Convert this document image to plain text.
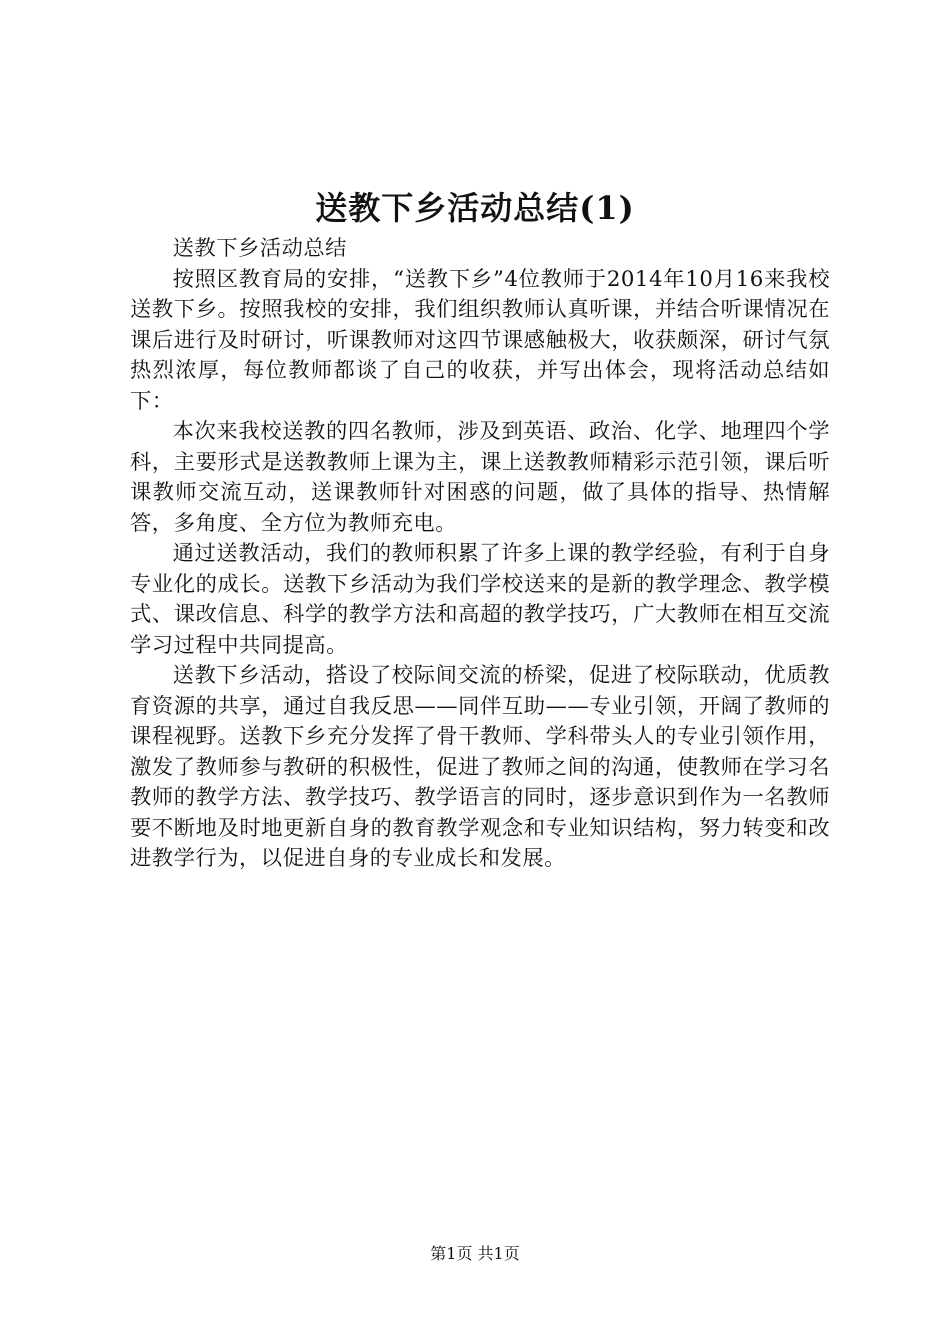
送教下乡活动总结(1)

送教下乡活动总结

按照区教育局的安排，“送教下乡”4位教师于2014年10月16来我校送教下乡。按照我校的安排，我们组织教师认真听课，并结合听课情况在课后进行及时研讨，听课教师对这四节课感触极大，收获颇深，研讨气氛热烈浓厚，每位教师都谈了自己的收获，并写出体会，现将活动总结如下：

本次来我校送教的四名教师，涉及到英语、政治、化学、地理四个学科，主要形式是送教教师上课为主，课上送教教师精彩示范引领，课后听课教师交流互动，送课教师针对困惑的问题，做了具体的指导、热情解答，多角度、全方位为教师充电。

通过送教活动，我们的教师积累了许多上课的教学经验，有利于自身专业化的成长。送教下乡活动为我们学校送来的是新的教学理念、教学模式、课改信息、科学的教学方法和高超的教学技巧，广大教师在相互交流学习过程中共同提高。

送教下乡活动，搭设了校际间交流的桥梁，促进了校际联动，优质教育资源的共享，通过自我反思——同伴互助——专业引领，开阔了教师的课程视野。送教下乡充分发挥了骨干教师、学科带头人的专业引领作用，激发了教师参与教研的积极性，促进了教师之间的沟通，使教师在学习名教师的教学方法、教学技巧、教学语言的同时，逐步意识到作为一名教师要不断地及时地更新自身的教育教学观念和专业知识结构，努力转变和改进教学行为，以促进自身的专业成长和发展。

第1页 共1页
